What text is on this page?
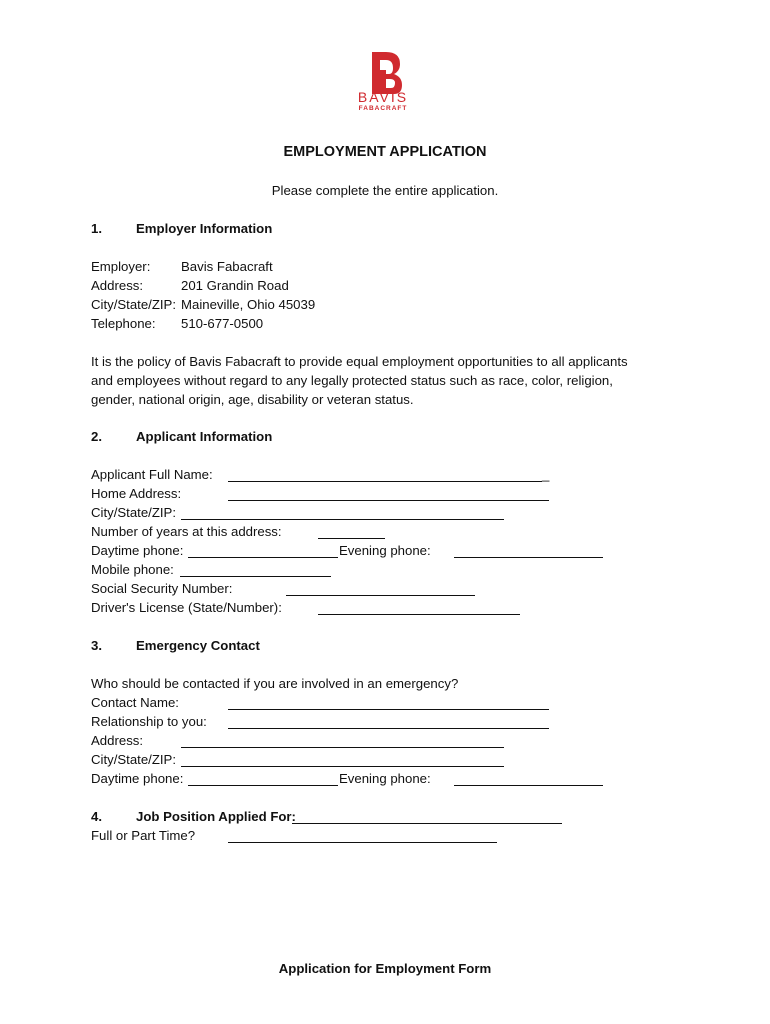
BAVIS
FABACRAFT
EMPLOYMENT APPLICATION
Please complete the entire application.
1.	Employer Information
Employer: Bavis Fabacraft
Address:	201 Grandin Road
City/State/ZIP: Maineville, Ohio 45039
Telephone: 510-677-0500
It is the policy of Bavis Fabacraft to provide equal employment opportunities to all applicants
and employees without regard to any legally protected status such as race, color, religion,
gender, national origin, age, disability or veteran status.
2.	Applicant Information
Applicant Full Name:	_
Home Address:
City/State/ZIP:
Number of years at this address:
Daytime phone:	Evening phone:
Mobile phone:
Social Security Number:
Driver's License (State/Number):
3.	Emergency Contact
Who should be contacted if you are involved in an emergency?
Contact Name:
Relationship to you:
Address:
City/State/ZIP:
Daytime phone:	Evening phone:
4.	Job Position Applied For:
Full or Part Time?
Application for Employment Form
